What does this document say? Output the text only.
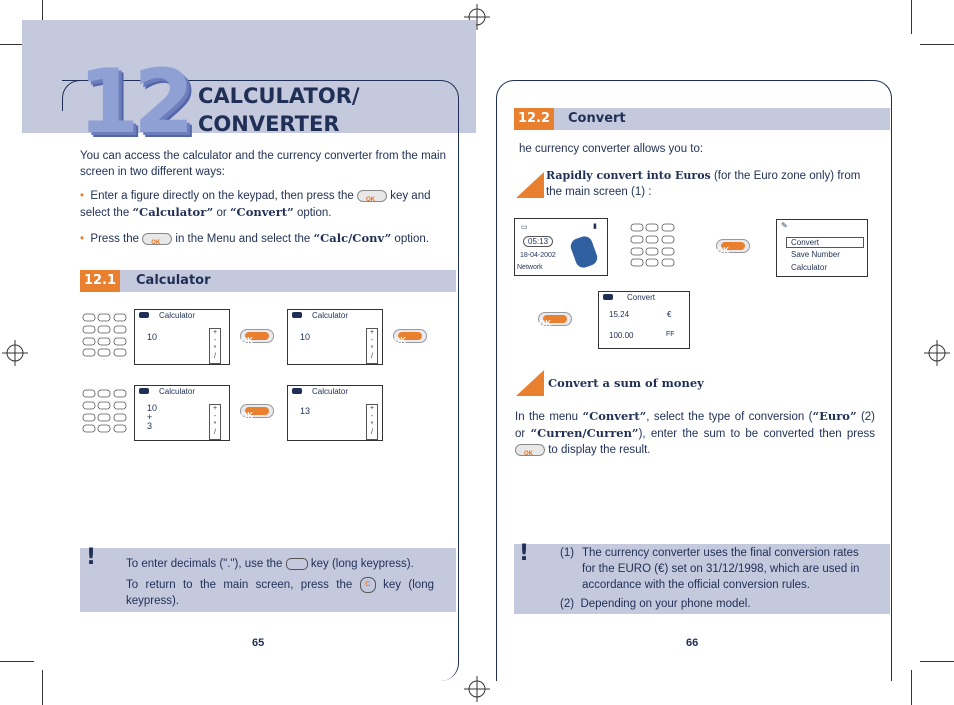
12 CALCULATOR/
CONVERTER
You can access the calculator and the currency converter from the main screen in two different ways:
• Enter a figure directly on the keypad, then press the OK key and select the “Calculator” or “Convert” option.
• Press the OK in the Menu and select the “Calc/Conv” option.
12.1	Calculator
Calculator
10	+
-
*
/
OK
Calculator
10	+
-
*
/
OK
Calculator
10
+
3
+
-
*
/
OK
Calculator
13	+
-
*
/
!	To enter decimals ("."), use the key (long keypress).
To return to the main screen, press the C key (long keypress).
65
12.2	Convert
he currency converter allows you to:
Rapidly convert into Euros (for the Euro zone only) from the main screen (1) :
▭	▮
05:13
18-04-2002
Network
OK
✎
Convert
Save Number
Calculator
OK
Convert
15.24	€
100.00	FF
Convert a sum of money
In the menu “Convert”, select the type of conversion (“Euro” (2) or “Curren/Curren”), enter the sum to be converted then press
OK to display the result.
!	(1) The currency converter uses the final conversion rates for the EURO (€) set on 31/12/1998, which are used in accordance with the official conversion rules.
(2) Depending on your phone model.
66
